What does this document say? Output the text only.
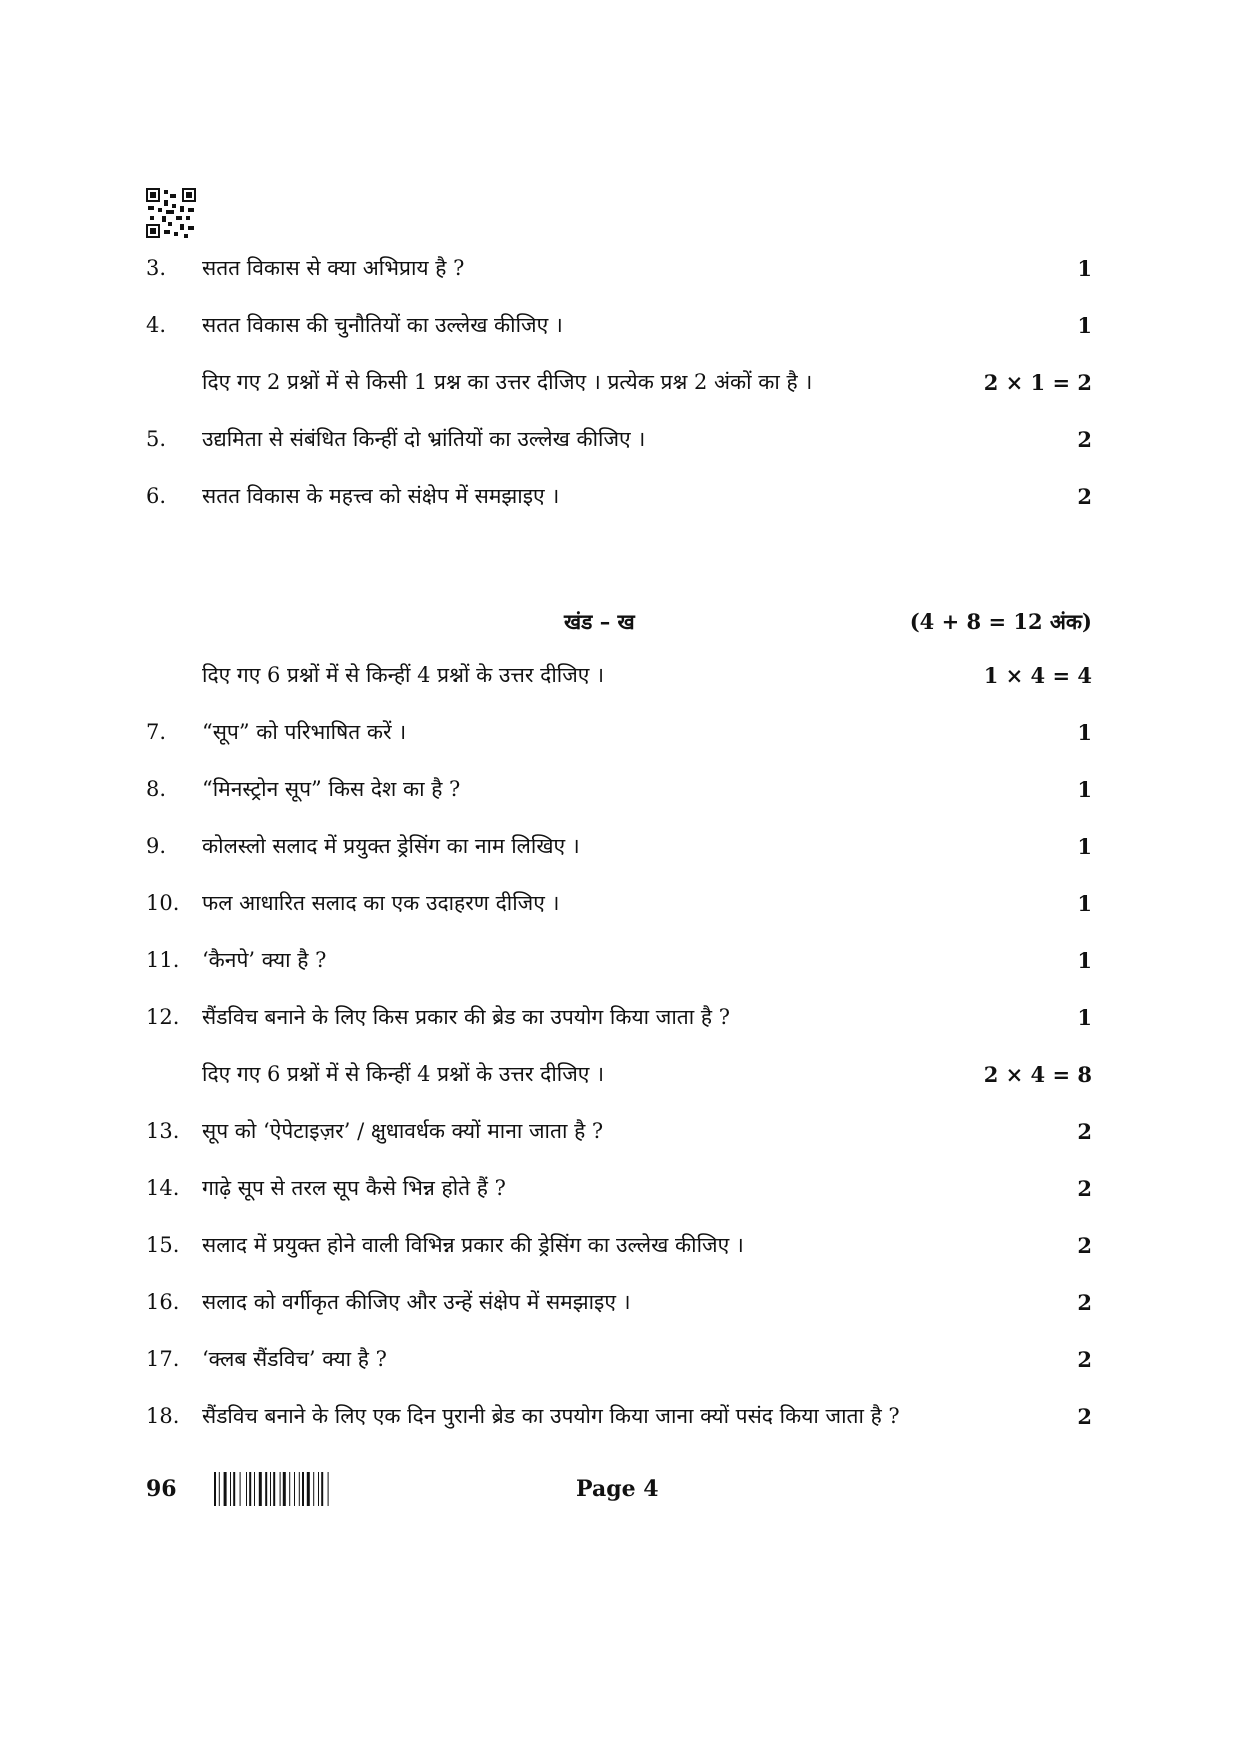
3.	सतत विकास से क्या अभिप्राय है ?	1
4.	सतत विकास की चुनौतियों का उल्लेख कीजिए ।	1
दिए गए 2 प्रश्नों में से किसी 1 प्रश्न का उत्तर दीजिए । प्रत्येक प्रश्न 2 अंकों का है ।	2 × 1 = 2
5.	उद्यमिता से संबंधित किन्हीं दो भ्रांतियों का उल्लेख कीजिए ।	2
6.	सतत विकास के महत्त्व को संक्षेप में समझाइए ।	2
खंड – ख	(4 + 8 = 12 अंक)
दिए गए 6 प्रश्नों में से किन्हीं 4 प्रश्नों के उत्तर दीजिए ।	1 × 4 = 4
7.	“सूप” को परिभाषित करें ।	1
8.	“मिनस्ट्रोन सूप” किस देश का है ?	1
9.	कोलस्लो सलाद में प्रयुक्त ड्रेसिंग का नाम लिखिए ।	1
10.	फल आधारित सलाद का एक उदाहरण दीजिए ।	1
11.	‘कैनपे’ क्या है ?	1
12.	सैंडविच बनाने के लिए किस प्रकार की ब्रेड का उपयोग किया जाता है ?	1
दिए गए 6 प्रश्नों में से किन्हीं 4 प्रश्नों के उत्तर दीजिए ।	2 × 4 = 8
13.	सूप को ‘ऐपेटाइज़र’ / क्षुधावर्धक क्यों माना जाता है ?	2
14.	गाढ़े सूप से तरल सूप कैसे भिन्न होते हैं ?	2
15.	सलाद में प्रयुक्त होने वाली विभिन्न प्रकार की ड्रेसिंग का उल्लेख कीजिए ।	2
16.	सलाद को वर्गीकृत कीजिए और उन्हें संक्षेप में समझाइए ।	2
17.	‘क्लब सैंडविच’ क्या है ?	2
18.	सैंडविच बनाने के लिए एक दिन पुरानी ब्रेड का उपयोग किया जाना क्यों पसंद किया जाता है ?	2
96	Page 4
